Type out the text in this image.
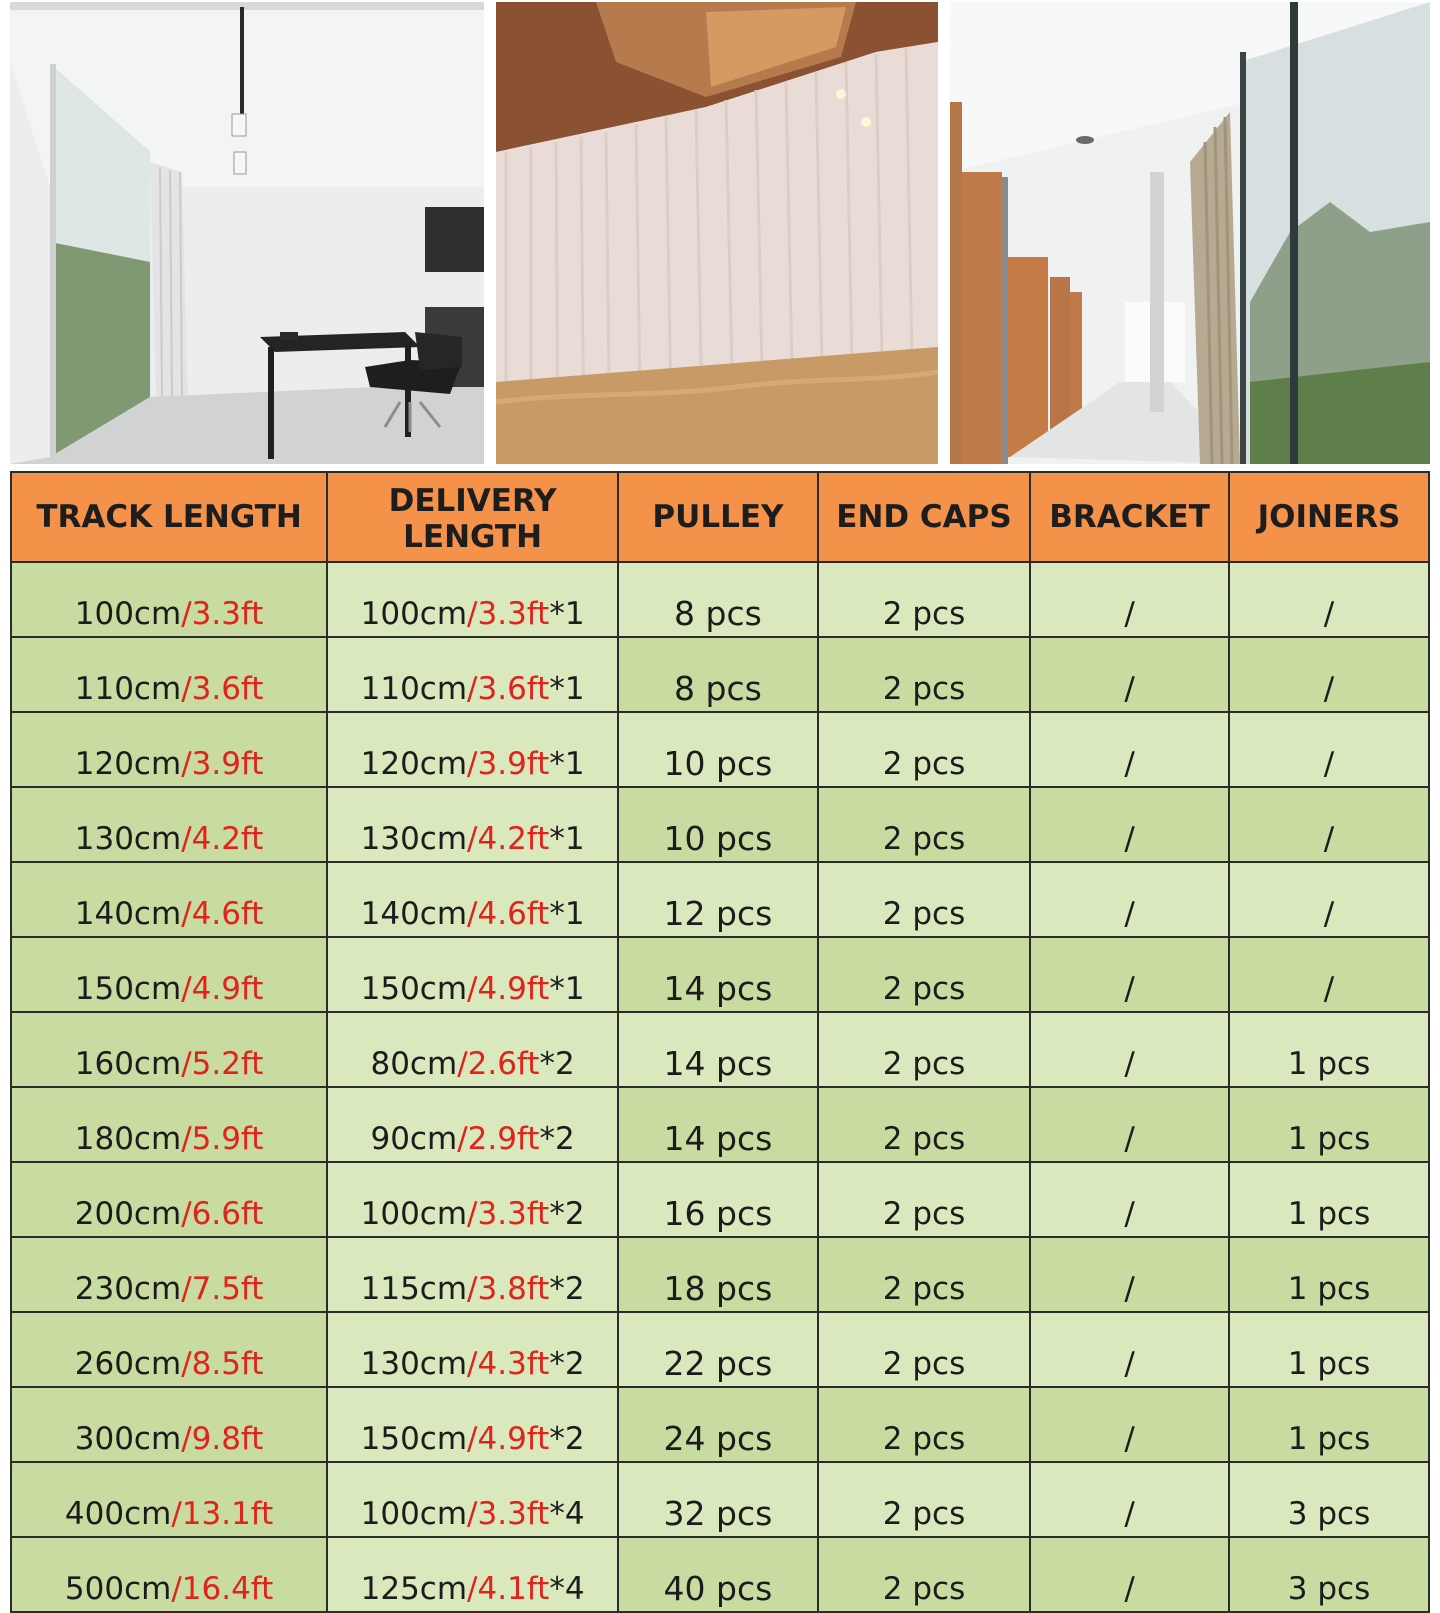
TRACK LENGTH	DELIVERY LENGTH	PULLEY	END CAPS	BRACKET	JOINERS

100cm/3.3ft	100cm/3.3ft*1	8 pcs	2 pcs	/	/
110cm/3.6ft	110cm/3.6ft*1	8 pcs	2 pcs	/	/
120cm/3.9ft	120cm/3.9ft*1	10 pcs	2 pcs	/	/
130cm/4.2ft	130cm/4.2ft*1	10 pcs	2 pcs	/	/
140cm/4.6ft	140cm/4.6ft*1	12 pcs	2 pcs	/	/
150cm/4.9ft	150cm/4.9ft*1	14 pcs	2 pcs	/	/
160cm/5.2ft	80cm/2.6ft*2	14 pcs	2 pcs	/	1 pcs
180cm/5.9ft	90cm/2.9ft*2	14 pcs	2 pcs	/	1 pcs
200cm/6.6ft	100cm/3.3ft*2	16 pcs	2 pcs	/	1 pcs
230cm/7.5ft	115cm/3.8ft*2	18 pcs	2 pcs	/	1 pcs
260cm/8.5ft	130cm/4.3ft*2	22 pcs	2 pcs	/	1 pcs
300cm/9.8ft	150cm/4.9ft*2	24 pcs	2 pcs	/	1 pcs
400cm/13.1ft	100cm/3.3ft*4	32 pcs	2 pcs	/	3 pcs
500cm/16.4ft	125cm/4.1ft*4	40 pcs	2 pcs	/	3 pcs
